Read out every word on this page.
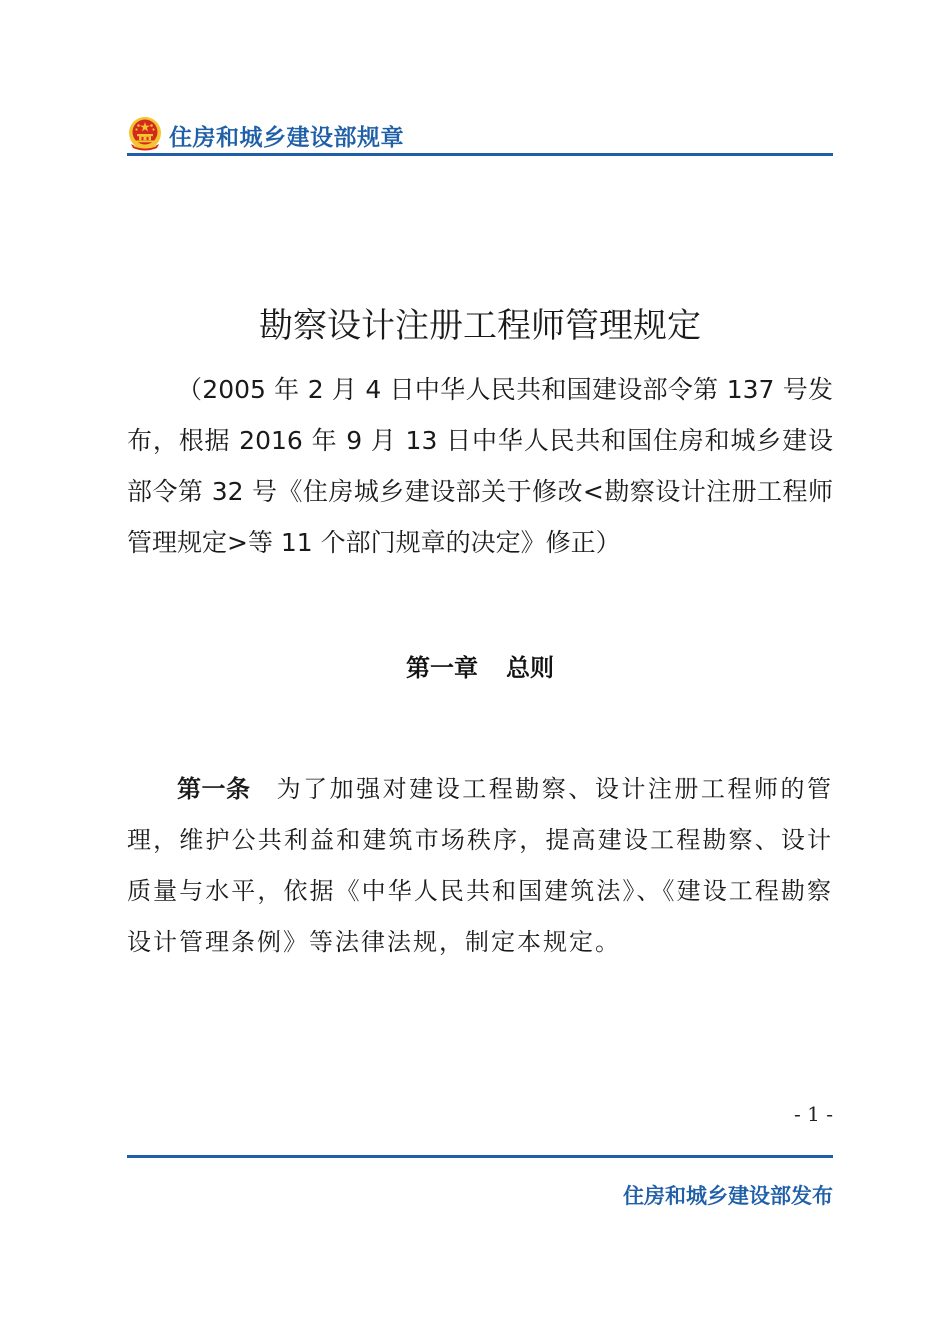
住房和城乡建设部规章
勘察设计注册工程师管理规定
（2005 年 2 月 4 日中华人民共和国建设部令第 137 号发布，根据 2016 年 9 月 13 日中华人民共和国住房和城乡建设部令第 32 号《住房城乡建设部关于修改<勘察设计注册工程师管理规定>等 11 个部门规章的决定》修正）
第一章 总则
第一条 为了加强对建设工程勘察、设计注册工程师的管理，维护公共利益和建筑市场秩序，提高建设工程勘察、设计质量与水平，依据《中华人民共和国建筑法》、《建设工程勘察设计管理条例》等法律法规，制定本规定。
- 1 -
住房和城乡建设部发布
